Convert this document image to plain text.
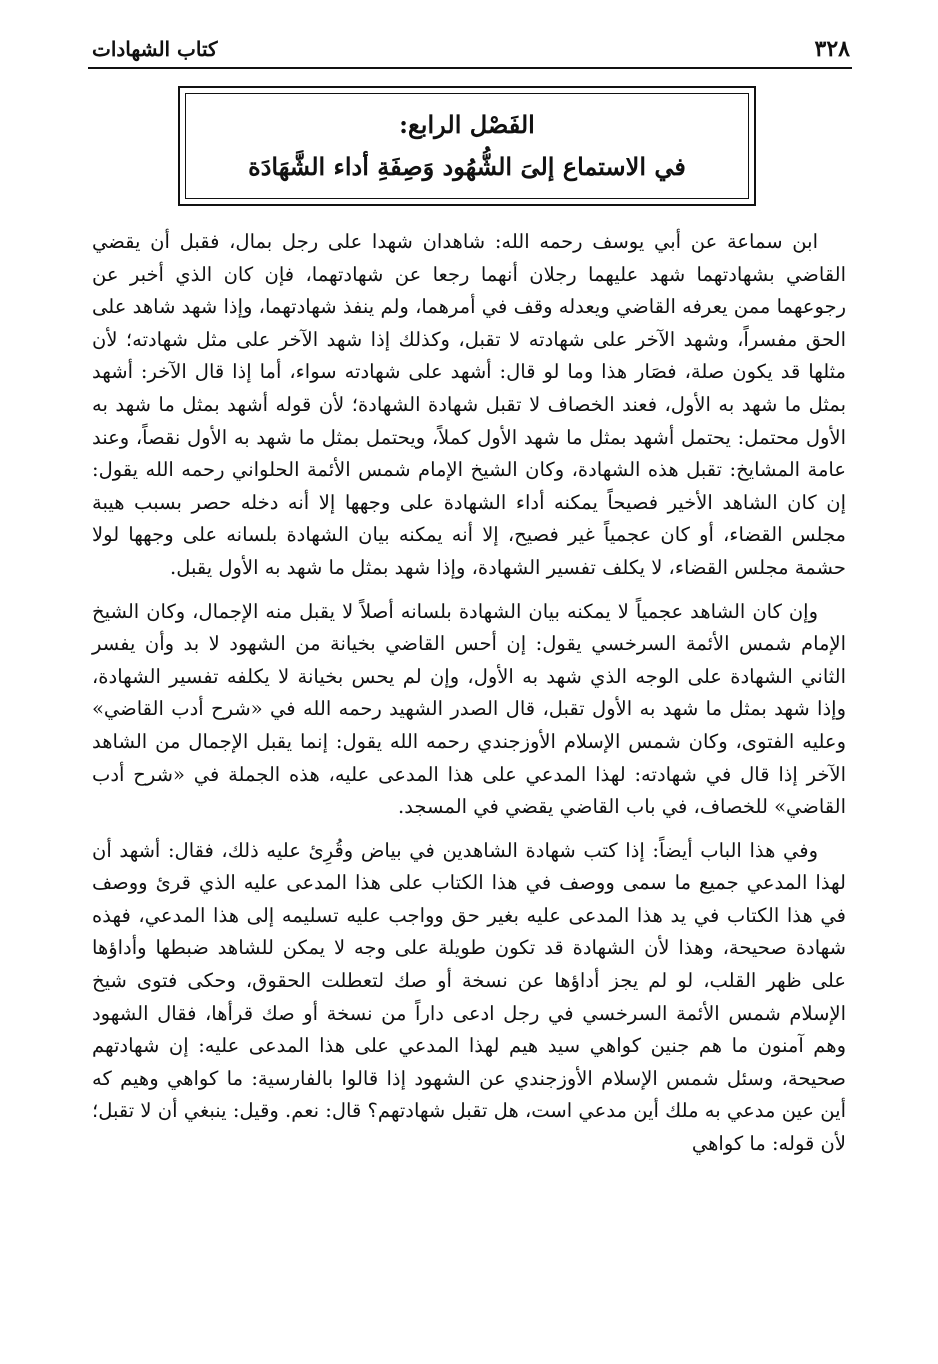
٣٢٨
كتاب الشهادات
الفَصْل الرابع:
في الاستماع إلىَ الشُّهُود وَصِفَةِ أداء الشَّهَادَة

ابن سماعة عن أبي يوسف رحمه الله: شاهدان شهدا على رجل بمال، فقبل أن يقضي القاضي بشهادتهما شهد عليهما رجلان أنهما رجعا عن شهادتهما، فإن كان الذي أخبر عن رجوعهما ممن يعرفه القاضي ويعدله وقف في أمرهما، ولم ينفذ شهادتهما، وإذا شهد شاهد على الحق مفسراً، وشهد الآخر على شهادته لا تقبل، وكذلك إذا شهد الآخر على مثل شهادته؛ لأن مثلها قد يكون صلة، فصَار هذا وما لو قال: أشهد على شهادته سواء، أما إذا قال الآخر: أشهد بمثل ما شهد به الأول، فعند الخصاف لا تقبل شهادة الشهادة؛ لأن قوله أشهد بمثل ما شهد به الأول محتمل: يحتمل أشهد بمثل ما شهد الأول كملاً، ويحتمل بمثل ما شهد به الأول نقصاً، وعند عامة المشايخ: تقبل هذه الشهادة، وكان الشيخ الإمام شمس الأئمة الحلواني رحمه الله يقول: إن كان الشاهد الأخير فصيحاً يمكنه أداء الشهادة على وجهها إلا أنه دخله حصر بسبب هيبة مجلس القضاء، أو كان عجمياً غير فصيح، إلا أنه يمكنه بيان الشهادة بلسانه على وجهها لولا حشمة مجلس القضاء، لا يكلف تفسير الشهادة، وإذا شهد بمثل ما شهد به الأول يقبل.

وإن كان الشاهد عجمياً لا يمكنه بيان الشهادة بلسانه أصلاً لا يقبل منه الإجمال، وكان الشيخ الإمام شمس الأئمة السرخسي يقول: إن أحس القاضي بخيانة من الشهود لا بد وأن يفسر الثاني الشهادة على الوجه الذي شهد به الأول، وإن لم يحس بخيانة لا يكلفه تفسير الشهادة، وإذا شهد بمثل ما شهد به الأول تقبل، قال الصدر الشهيد رحمه الله في «شرح أدب القاضي» وعليه الفتوى، وكان شمس الإسلام الأوزجندي رحمه الله يقول: إنما يقبل الإجمال من الشاهد الآخر إذا قال في شهادته: لهذا المدعي على هذا المدعى عليه، هذه الجملة في «شرح أدب القاضي» للخصاف، في باب القاضي يقضي في المسجد.

وفي هذا الباب أيضاً: إذا كتب شهادة الشاهدين في بياض وقُرِئ عليه ذلك، فقال: أشهد أن لهذا المدعي جميع ما سمى ووصف في هذا الكتاب على هذا المدعى عليه الذي قرئ ووصف في هذا الكتاب في يد هذا المدعى عليه بغير حق وواجب عليه تسليمه إلى هذا المدعي، فهذه شهادة صحيحة، وهذا لأن الشهادة قد تكون طويلة على وجه لا يمكن للشاهد ضبطها وأداؤها على ظهر القلب، لو لم يجز أداؤها عن نسخة أو صك لتعطلت الحقوق، وحكى فتوى شيخ الإسلام شمس الأئمة السرخسي في رجل ادعى داراً من نسخة أو صك قرأها، فقال الشهود وهم آمنون ما هم جنين كواهي سيد هيم لهذا المدعي على هذا المدعى عليه: إن شهادتهم صحيحة، وسئل شمس الإسلام الأوزجندي عن الشهود إذا قالوا بالفارسية: ما كواهي وهيم كه أين عين مدعي به ملك أين مدعي است، هل تقبل شهادتهم؟ قال: نعم. وقيل: ينبغي أن لا تقبل؛ لأن قوله: ما كواهي
